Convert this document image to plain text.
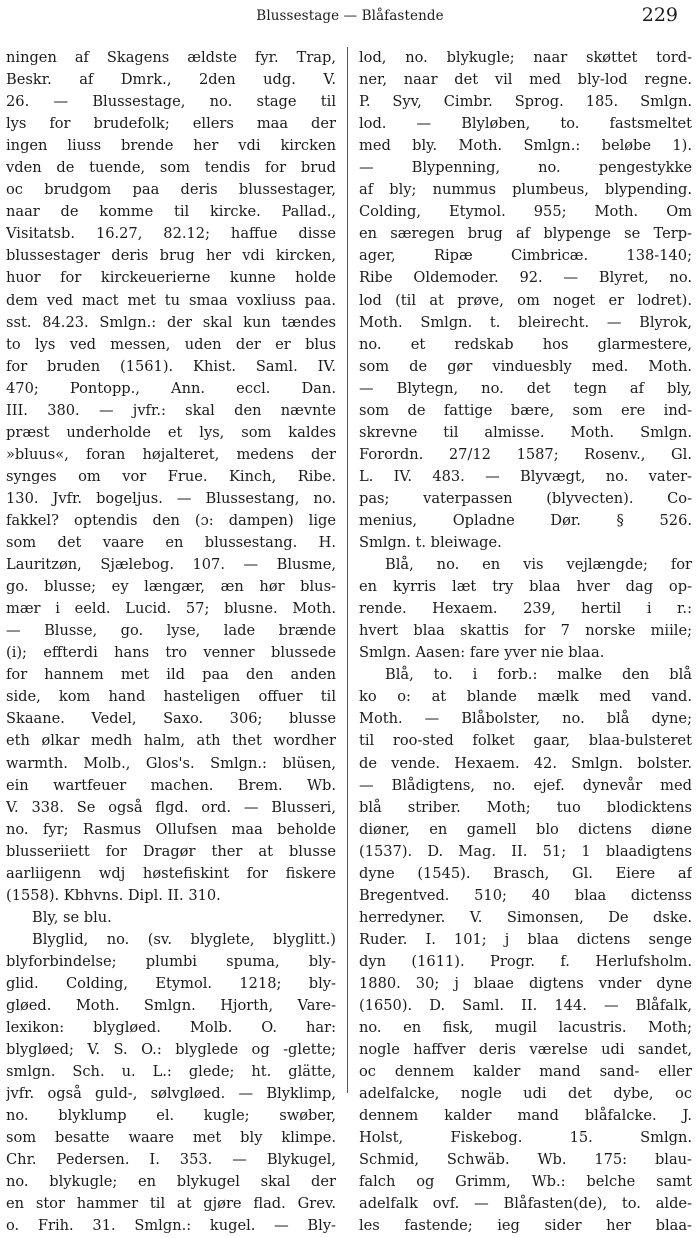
Blussestage — Blåfastende	229
ningen af Skagens ældste fyr. Trap,
Beskr. af Dmrk., 2den udg. V.
26. — Blussestage, no. stage til
lys for brudefolk; ellers maa der
ingen liuss brende her vdi kircken
vden de tuende, som tendis for brud
oc brudgom paa deris blussestager,
naar de komme til kircke. Pallad.,
Visitatsb. 16.27, 82.12; haffue disse
blussestager deris brug her vdi kircken,
huor for kirckeuerierne kunne holde
dem ved mact met tu smaa voxliuss paa.
sst. 84.23. Smlgn.: der skal kun tændes
to lys ved messen, uden der er blus
for bruden (1561). Khist. Saml. IV.
470; Pontopp., Ann. eccl. Dan.
III. 380. — jvfr.: skal den nævnte
præst underholde et lys, som kaldes
»bluus«, foran højalteret, medens der
synges om vor Frue. Kinch, Ribe.
130. Jvfr. bogeljus. — Blussestang, no.
fakkel? optendis den (ɔ: dampen) lige
som det vaare en blussestang. H.
Lauritzøn, Sjælebog. 107. — Blusme,
go. blusse; ey længær, æn hør blus-
mær i eeld. Lucid. 57; blusne. Moth.
— Blusse, go. lyse, lade brænde
(i); effterdi hans tro venner blussede
for hannem met ild paa den anden
side, kom hand hasteligen offuer til
Skaane. Vedel, Saxo. 306; blusse
eth ølkar medh halm, ath thet wordher
warmth. Molb., Glos's. Smlgn.: blüsen,
ein wartfeuer machen. Brem. Wb.
V. 338. Se også flgd. ord. — Blusseri,
no. fyr; Rasmus Ollufsen maa beholde
blusseriiett for Dragør ther at blusse
aarliigenn wdj høstefiskint for fiskere
(1558). Kbhvns. Dipl. II. 310.
Bly, se blu.
Blyglid, no. (sv. blyglete, blyglitt.)
blyforbindelse; plumbi spuma, bly-
glid. Colding, Etymol. 1218; bly-
gløed. Moth. Smlgn. Hjorth, Vare-
lexikon: blygløed. Molb. O. har:
blygløed; V. S. O.: blyglede og -glette;
smlgn. Sch. u. L.: glede; ht. glätte,
jvfr. også guld-, sølvgløed. — Blyklimp,
no. blyklump el. kugle; swøber,
som besatte waare met bly klimpe.
Chr. Pedersen. I. 353. — Blykugel,
no. blykugle; en blykugel skal der
en stor hammer til at gjøre flad. Grev.
o. Frih. 31. Smlgn.: kugel. — Bly-
lod, no. blykugle; naar skøttet tord-
ner, naar det vil med bly-lod regne.
P. Syv, Cimbr. Sprog. 185. Smlgn.
lod. — Blyløben, to. fastsmeltet
med bly. Moth. Smlgn.: beløbe 1).
— Blypenning, no. pengestykke
af bly; nummus plumbeus, blypending.
Colding, Etymol. 955; Moth. Om
en særegen brug af blypenge se Terp-
ager, Ripæ Cimbricæ. 138-140;
Ribe Oldemoder. 92. — Blyret, no.
lod (til at prøve, om noget er lodret).
Moth. Smlgn. t. bleirecht. — Blyrok,
no. et redskab hos glarmestere,
som de gør vinduesbly med. Moth.
— Blytegn, no. det tegn af bly,
som de fattige bære, som ere ind-
skrevne til almisse. Moth. Smlgn.
Forordn. 27/12 1587; Rosenv., Gl.
L. IV. 483. — Blyvægt, no. vater-
pas; vaterpassen (blyvecten). Co-
menius, Opladne Dør. § 526.
Smlgn. t. bleiwage.
Blå, no. en vis vejlængde; for
en kyrris læt try blaa hver dag op-
rende. Hexaem. 239, hertil i r.:
hvert blaa skattis for 7 norske miile;
Smlgn. Aasen: fare yver nie blaa.
Blå, to. i forb.: malke den blå
ko o: at blande mælk med vand.
Moth. — Blåbolster, no. blå dyne;
til roo-sted folket gaar, blaa-bulsteret
de vende. Hexaem. 42. Smlgn. bolster.
— Blådigtens, no. ejef. dynevår med
blå striber. Moth; tuo blodicktens
diøner, en gamell blo dictens diøne
(1537). D. Mag. II. 51; 1 blaadigtens
dyne (1545). Brasch, Gl. Eiere af
Bregentved. 510; 40 blaa dictenss
herredyner. V. Simonsen, De dske.
Ruder. I. 101; j blaa dictens senge
dyn (1611). Progr. f. Herlufsholm.
1880. 30; j blaae digtens vnder dyne
(1650). D. Saml. II. 144. — Blåfalk,
no. en fisk, mugil lacustris. Moth;
nogle haffver deris værelse udi sandet,
oc dennem kalder mand sand- eller
adelfalcke, nogle udi det dybe, oc
dennem kalder mand blåfalcke. J.
Holst, Fiskebog. 15. Smlgn.
Schmid, Schwäb. Wb. 175: blau-
falch og Grimm, Wb.: belche samt
adelfalk ovf. — Blåfasten(de), to. alde-
les fastende; ieg sider her blaa-
